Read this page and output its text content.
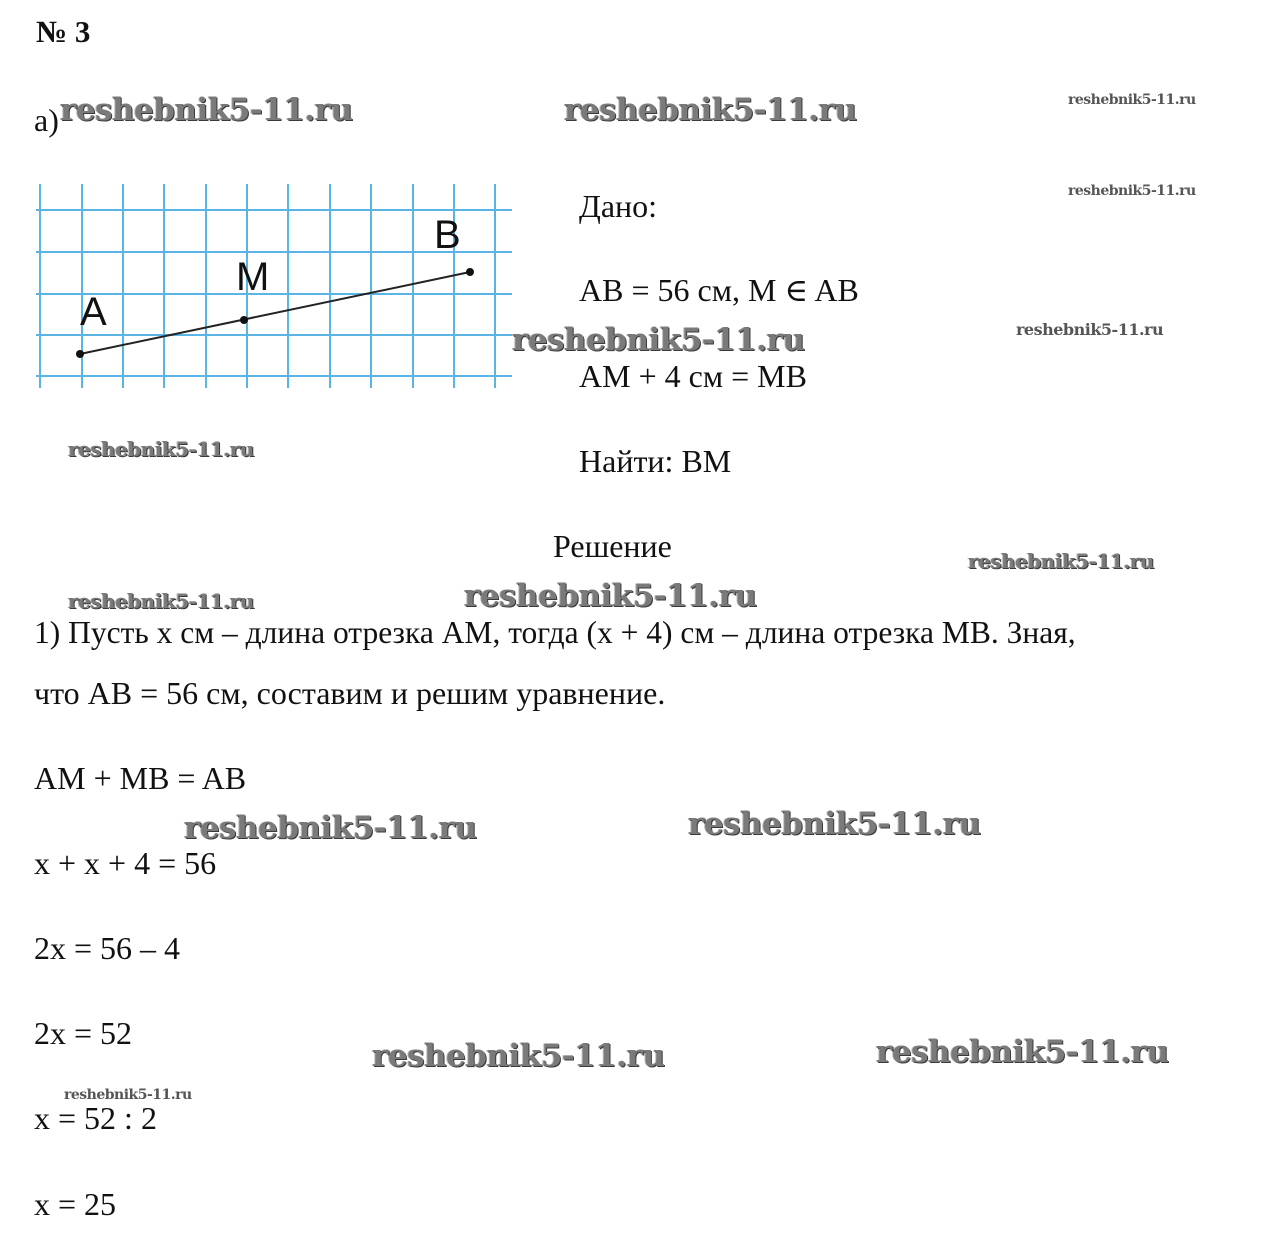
№ 3
а)
A
M
B
Дано:
AB = 56 см, M ∈ AB
AM + 4 см = MB
Найти: BM
Решение
1) Пусть x см – длина отрезка AM, тогда (x + 4) см – длина отрезка MB. Зная,
что AB = 56 см, составим и решим уравнение.
AM + MB = AB
x + x + 4 = 56
2x = 56 – 4
2x = 52
x = 52 : 2
x = 25
reshebnik5-11.ru	reshebnik5-11.ru	reshebnik5-11.ru
reshebnik5-11.ru
reshebnik5-11.ru	reshebnik5-11.ru
reshebnik5-11.ru
reshebnik5-11.ru
reshebnik5-11.ru
reshebnik5-11.ru
reshebnik5-11.ru	reshebnik5-11.ru
reshebnik5-11.ru	reshebnik5-11.ru
reshebnik5-11.ru
